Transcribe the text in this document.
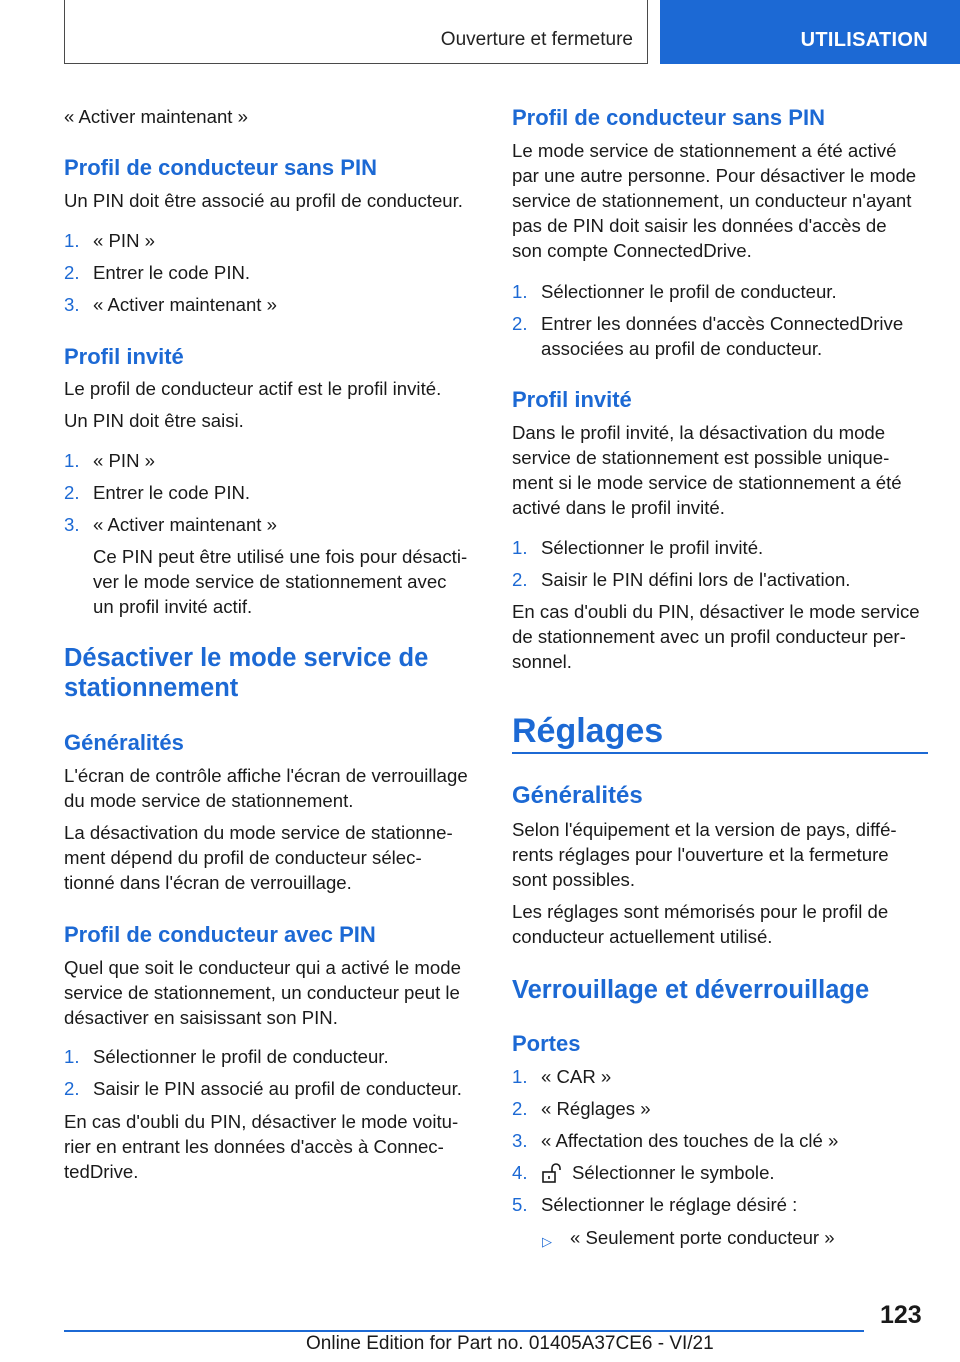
Ouverture et fermeture	UTILISATION

« Activer maintenant »

Profil de conducteur sans PIN

Un PIN doit être associé au profil de conducteur.

1. « PIN »
2. Entrer le code PIN.
3. « Activer maintenant »
Profil invité

Le profil de conducteur actif est le profil invité.

Un PIN doit être saisi.

1. « PIN »
2. Entrer le code PIN.
3. « Activer maintenant »

Ce PIN peut être utilisé une fois pour désacti-

ver le mode service de stationnement avec

un profil invité actif.

Désactiver le mode service de
stationnement
Généralités

L'écran de contrôle affiche l'écran de verrouillage

du mode service de stationnement.

La désactivation du mode service de stationne-

ment dépend du profil de conducteur sélec-

tionné dans l'écran de verrouillage.

Profil de conducteur avec PIN

Quel que soit le conducteur qui a activé le mode

service de stationnement, un conducteur peut le

désactiver en saisissant son PIN.

1. Sélectionner le profil de conducteur.
2. Saisir le PIN associé au profil de conducteur.

En cas d'oubli du PIN, désactiver le mode voitu-

rier en entrant les données d'accès à Connec-

tedDrive.

Profil de conducteur sans PIN

Le mode service de stationnement a été activé

par une autre personne. Pour désactiver le mode

service de stationnement, un conducteur n'ayant

pas de PIN doit saisir les données d'accès de

son compte ConnectedDrive.

1. Sélectionner le profil de conducteur.
2. Entrer les données d'accès ConnectedDrive

associées au profil de conducteur.

Profil invité

Dans le profil invité, la désactivation du mode

service de stationnement est possible unique-

ment si le mode service de stationnement a été

activé dans le profil invité.

1. Sélectionner le profil invité.
2. Saisir le PIN défini lors de l'activation.

En cas d'oubli du PIN, désactiver le mode service

de stationnement avec un profil conducteur per-

sonnel.

Réglages
Généralités

Selon l'équipement et la version de pays, diffé-

rents réglages pour l'ouverture et la fermeture

sont possibles.

Les réglages sont mémorisés pour le profil de

conducteur actuellement utilisé.

Verrouillage et déverrouillage
Portes
1. « CAR »
2. « Réglages »
3. « Affectation des touches de la clé »
4. Sélectionner le symbole.
5. Sélectionner le réglage désiré :
▷ « Seulement porte conducteur »
123
Online Edition for Part no. 01405A37CE6 - VI/21
